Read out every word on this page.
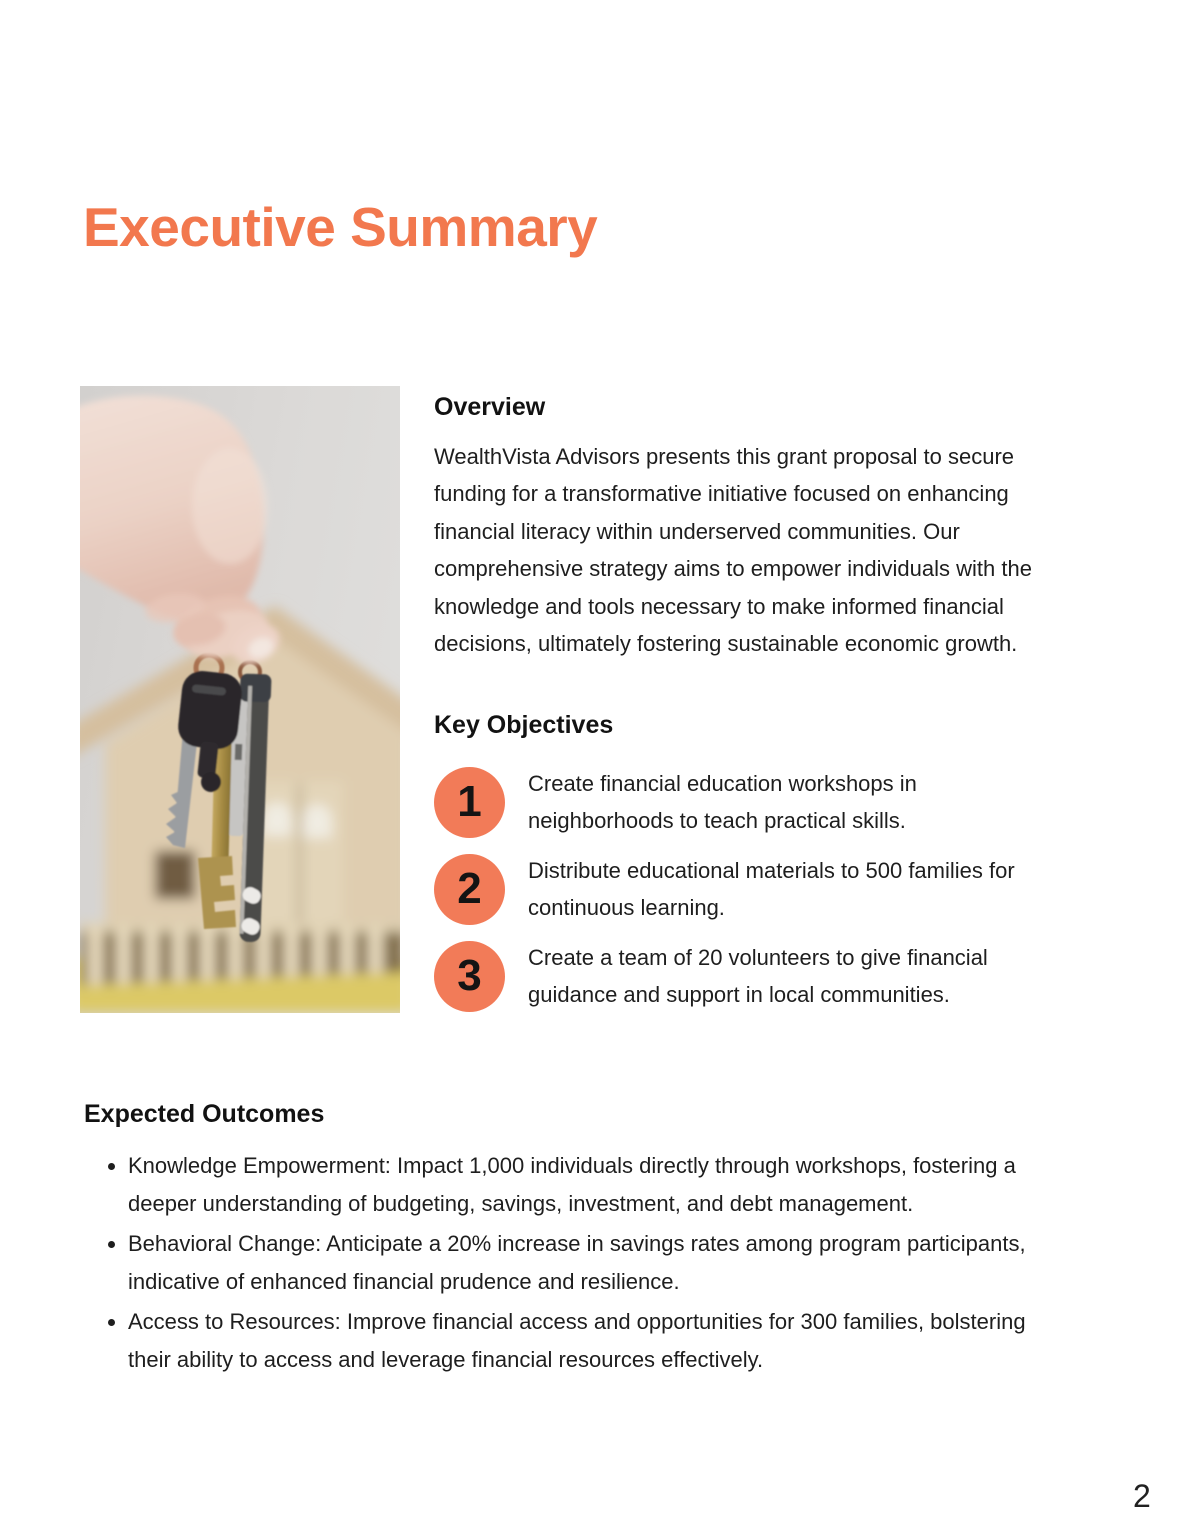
Executive Summary
Overview

WealthVista Advisors presents this grant proposal to secure funding for a transformative initiative focused on enhancing financial literacy within underserved communities. Our comprehensive strategy aims to empower individuals with the knowledge and tools necessary to make informed financial decisions, ultimately fostering sustainable economic growth.

Key Objectives
1	Create financial education workshops in neighborhoods to teach practical skills.
2	Distribute educational materials to 500 families for continuous learning.
3	Create a team of 20 volunteers to give financial guidance and support in local communities.
Expected Outcomes
• Knowledge Empowerment: Impact 1,000 individuals directly through workshops, fostering a deeper understanding of budgeting, savings, investment, and debt management.
• Behavioral Change: Anticipate a 20% increase in savings rates among program participants, indicative of enhanced financial prudence and resilience.
• Access to Resources: Improve financial access and opportunities for 300 families, bolstering their ability to access and leverage financial resources effectively.
2
